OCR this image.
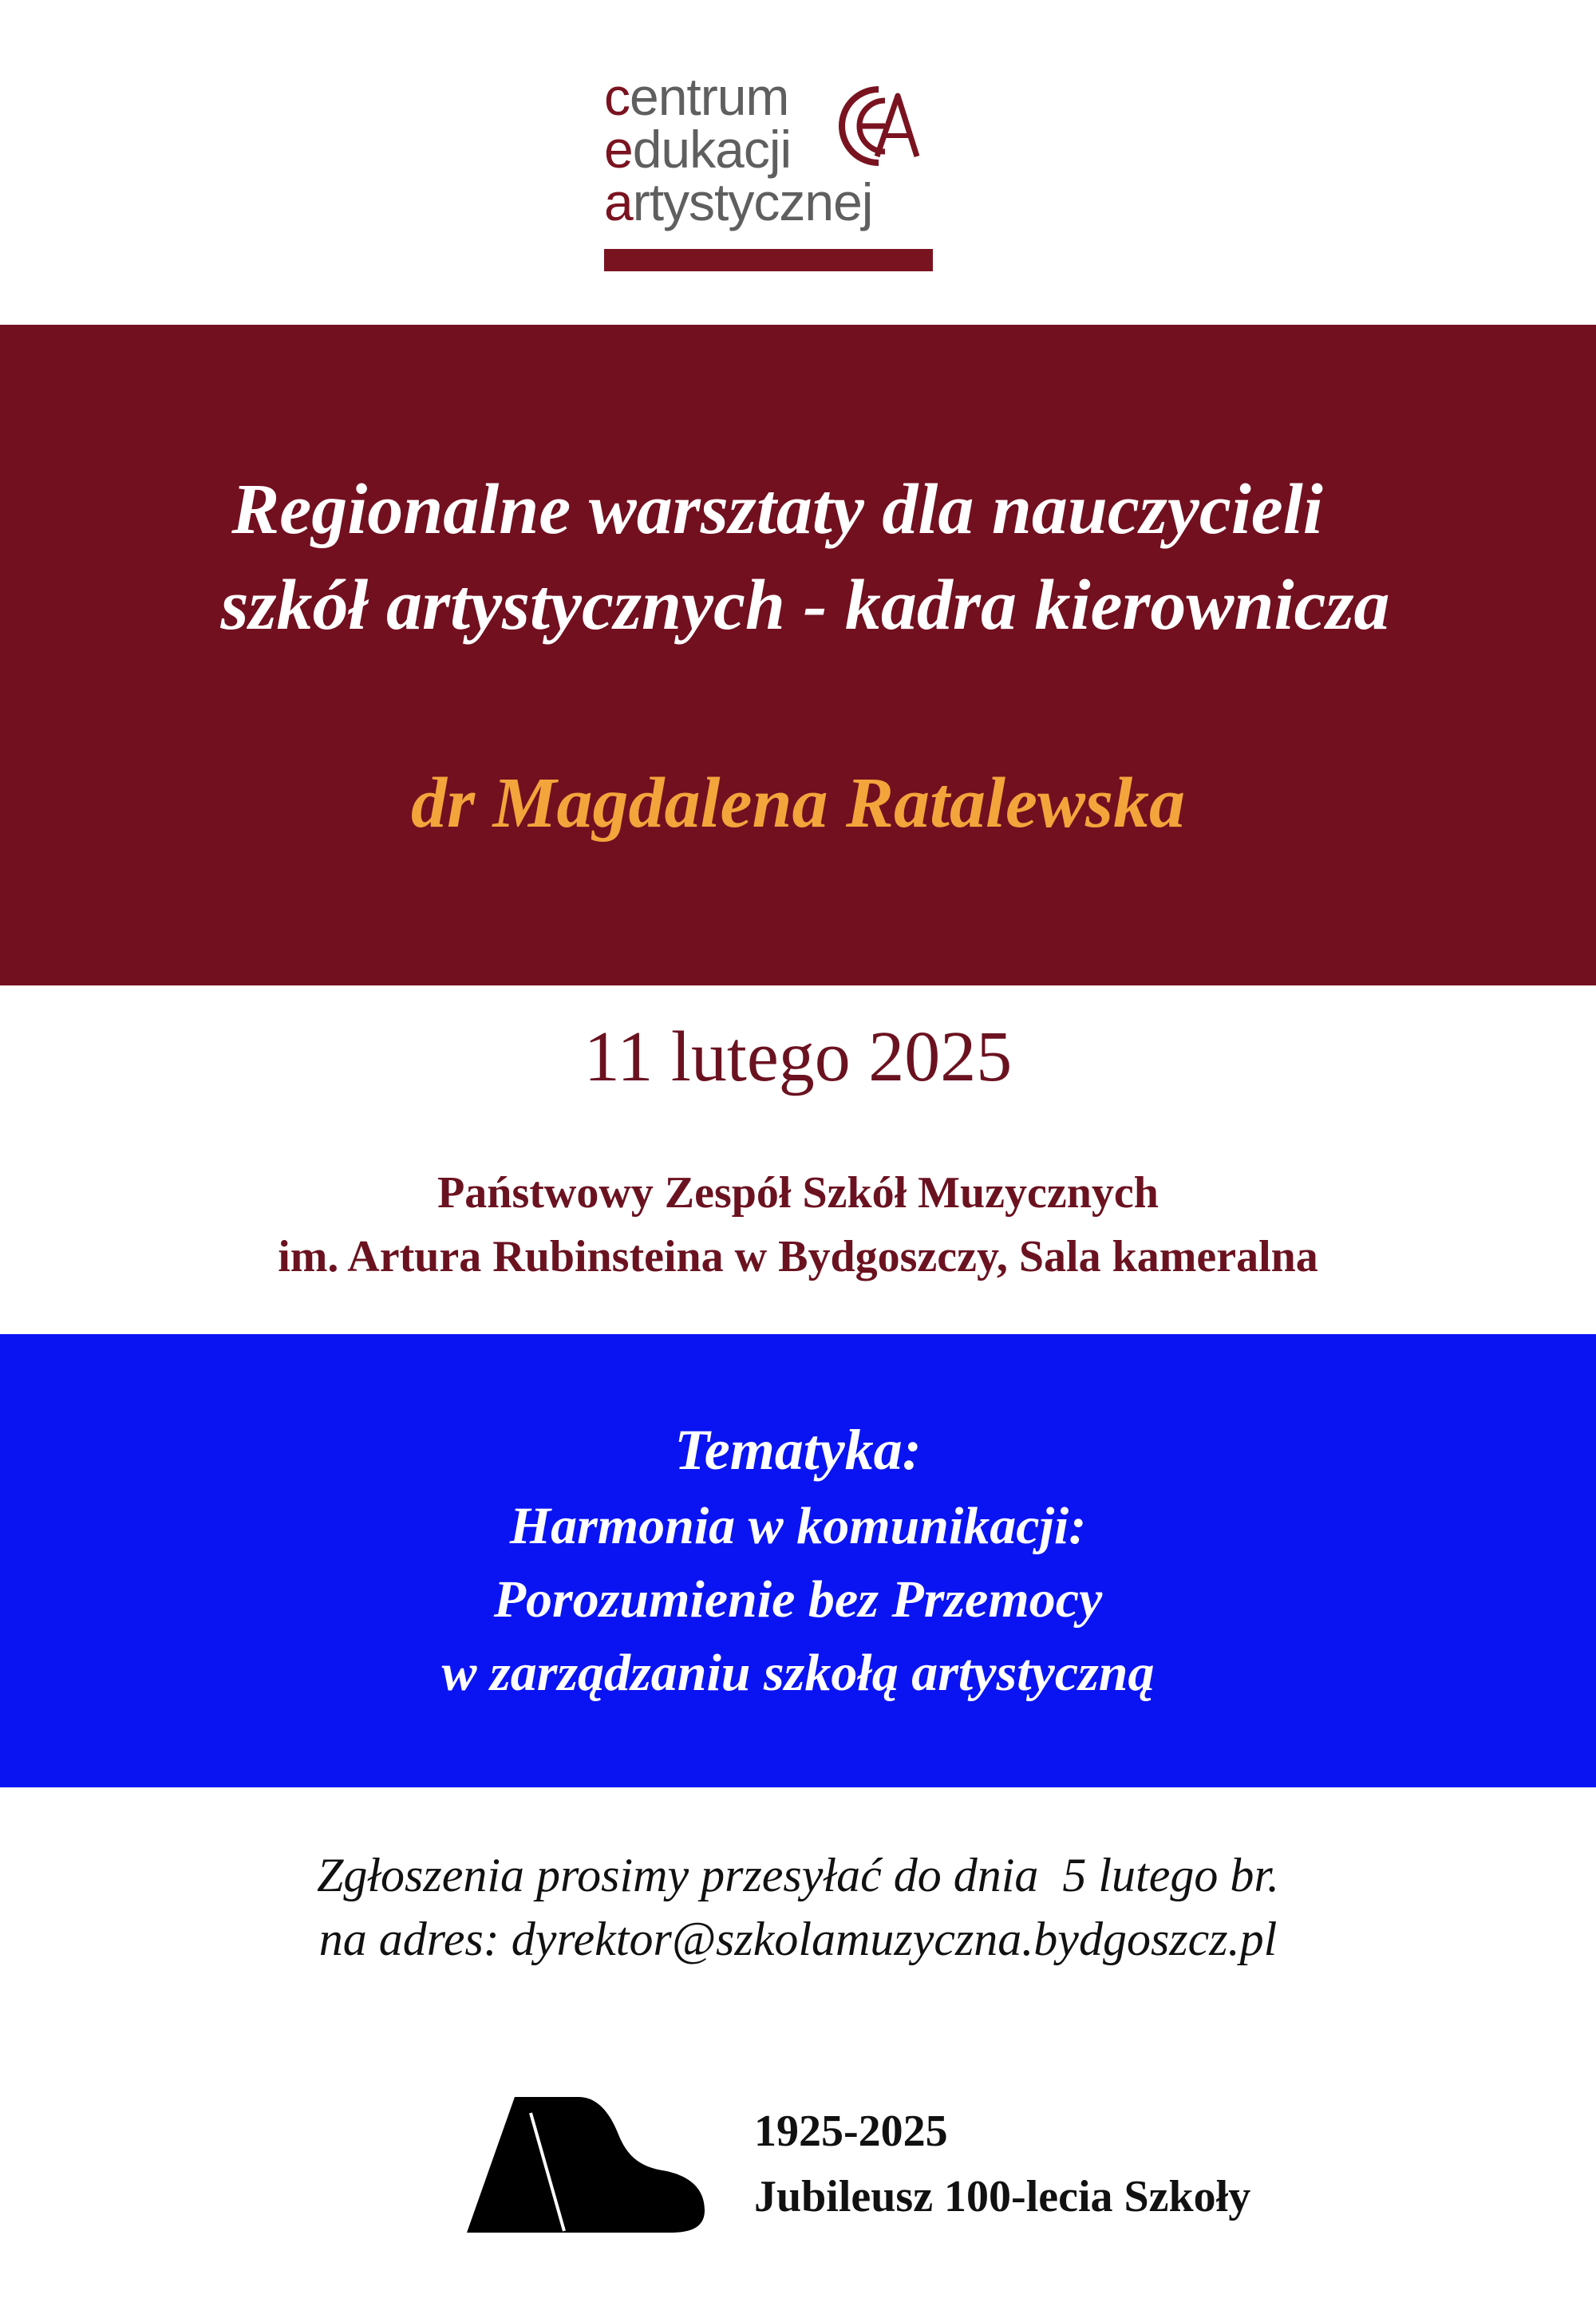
centrum
edukacji
artystycznej
Regionalne warsztaty dla nauczycieli
szkół artystycznych - kadra kierownicza
dr Magdalena Ratalewska
11 lutego 2025
Państwowy Zespół Szkół Muzycznych
im. Artura Rubinsteina w Bydgoszczy, Sala kameralna
Tematyka:
Harmonia w komunikacji:
Porozumienie bez Przemocy
w zarządzaniu szkołą artystyczną
Zgłoszenia prosimy przesyłać do dnia  5 lutego br.
na adres: dyrektor@szkolamuzyczna.bydgoszcz.pl
1925-2025
Jubileusz 100-lecia Szkoły
